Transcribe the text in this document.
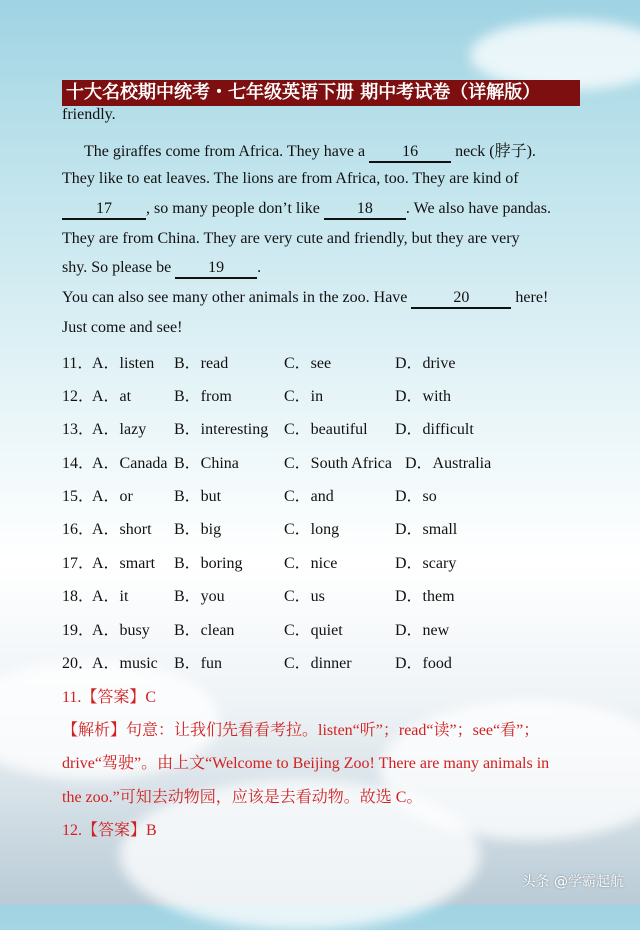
十大名校期中统考・七年级英语下册 期中考试卷（详解版）
friendly.
The giraffes come from Africa. They have a 16 neck (脖子).
They like to eat leaves. The lions are from Africa, too. They are kind of
17 , so many people don’t like 18 . We also have pandas.
They are from China. They are very cute and friendly, but they are very
shy. So please be 19 .
You can also see many other animals in the zoo. Have	20	here!
Just come and see!
11．
A．listen B．read	C．see	D．drive
12．
A．at	B．from	C．in	D．with
13．
A．lazy B．interesting C．beautiful D．difficult
14．
A．Canada B．China	C．South Africa D．Australia
15．
A．or	B．but	C．and	D．so
16．
A．short B．big	C．long	D．small
17．
A．smart B．boring	C．nice	D．scary
18．
A．it	B．you	C．us	D．them
19．
A．busy B．clean	C．quiet	D．new
20．
A．music B．fun	C．dinner	D．food
11.【答案】C
【解析】句意：让我们先看看考拉。listen“听”；read“读”；see“看”；
drive“驾驶”。由上文“Welcome to Beijing Zoo! There are many animals in
the zoo.”可知去动物园，应该是去看动物。故选 C。
12.【答案】B
头条 @学霸起航
